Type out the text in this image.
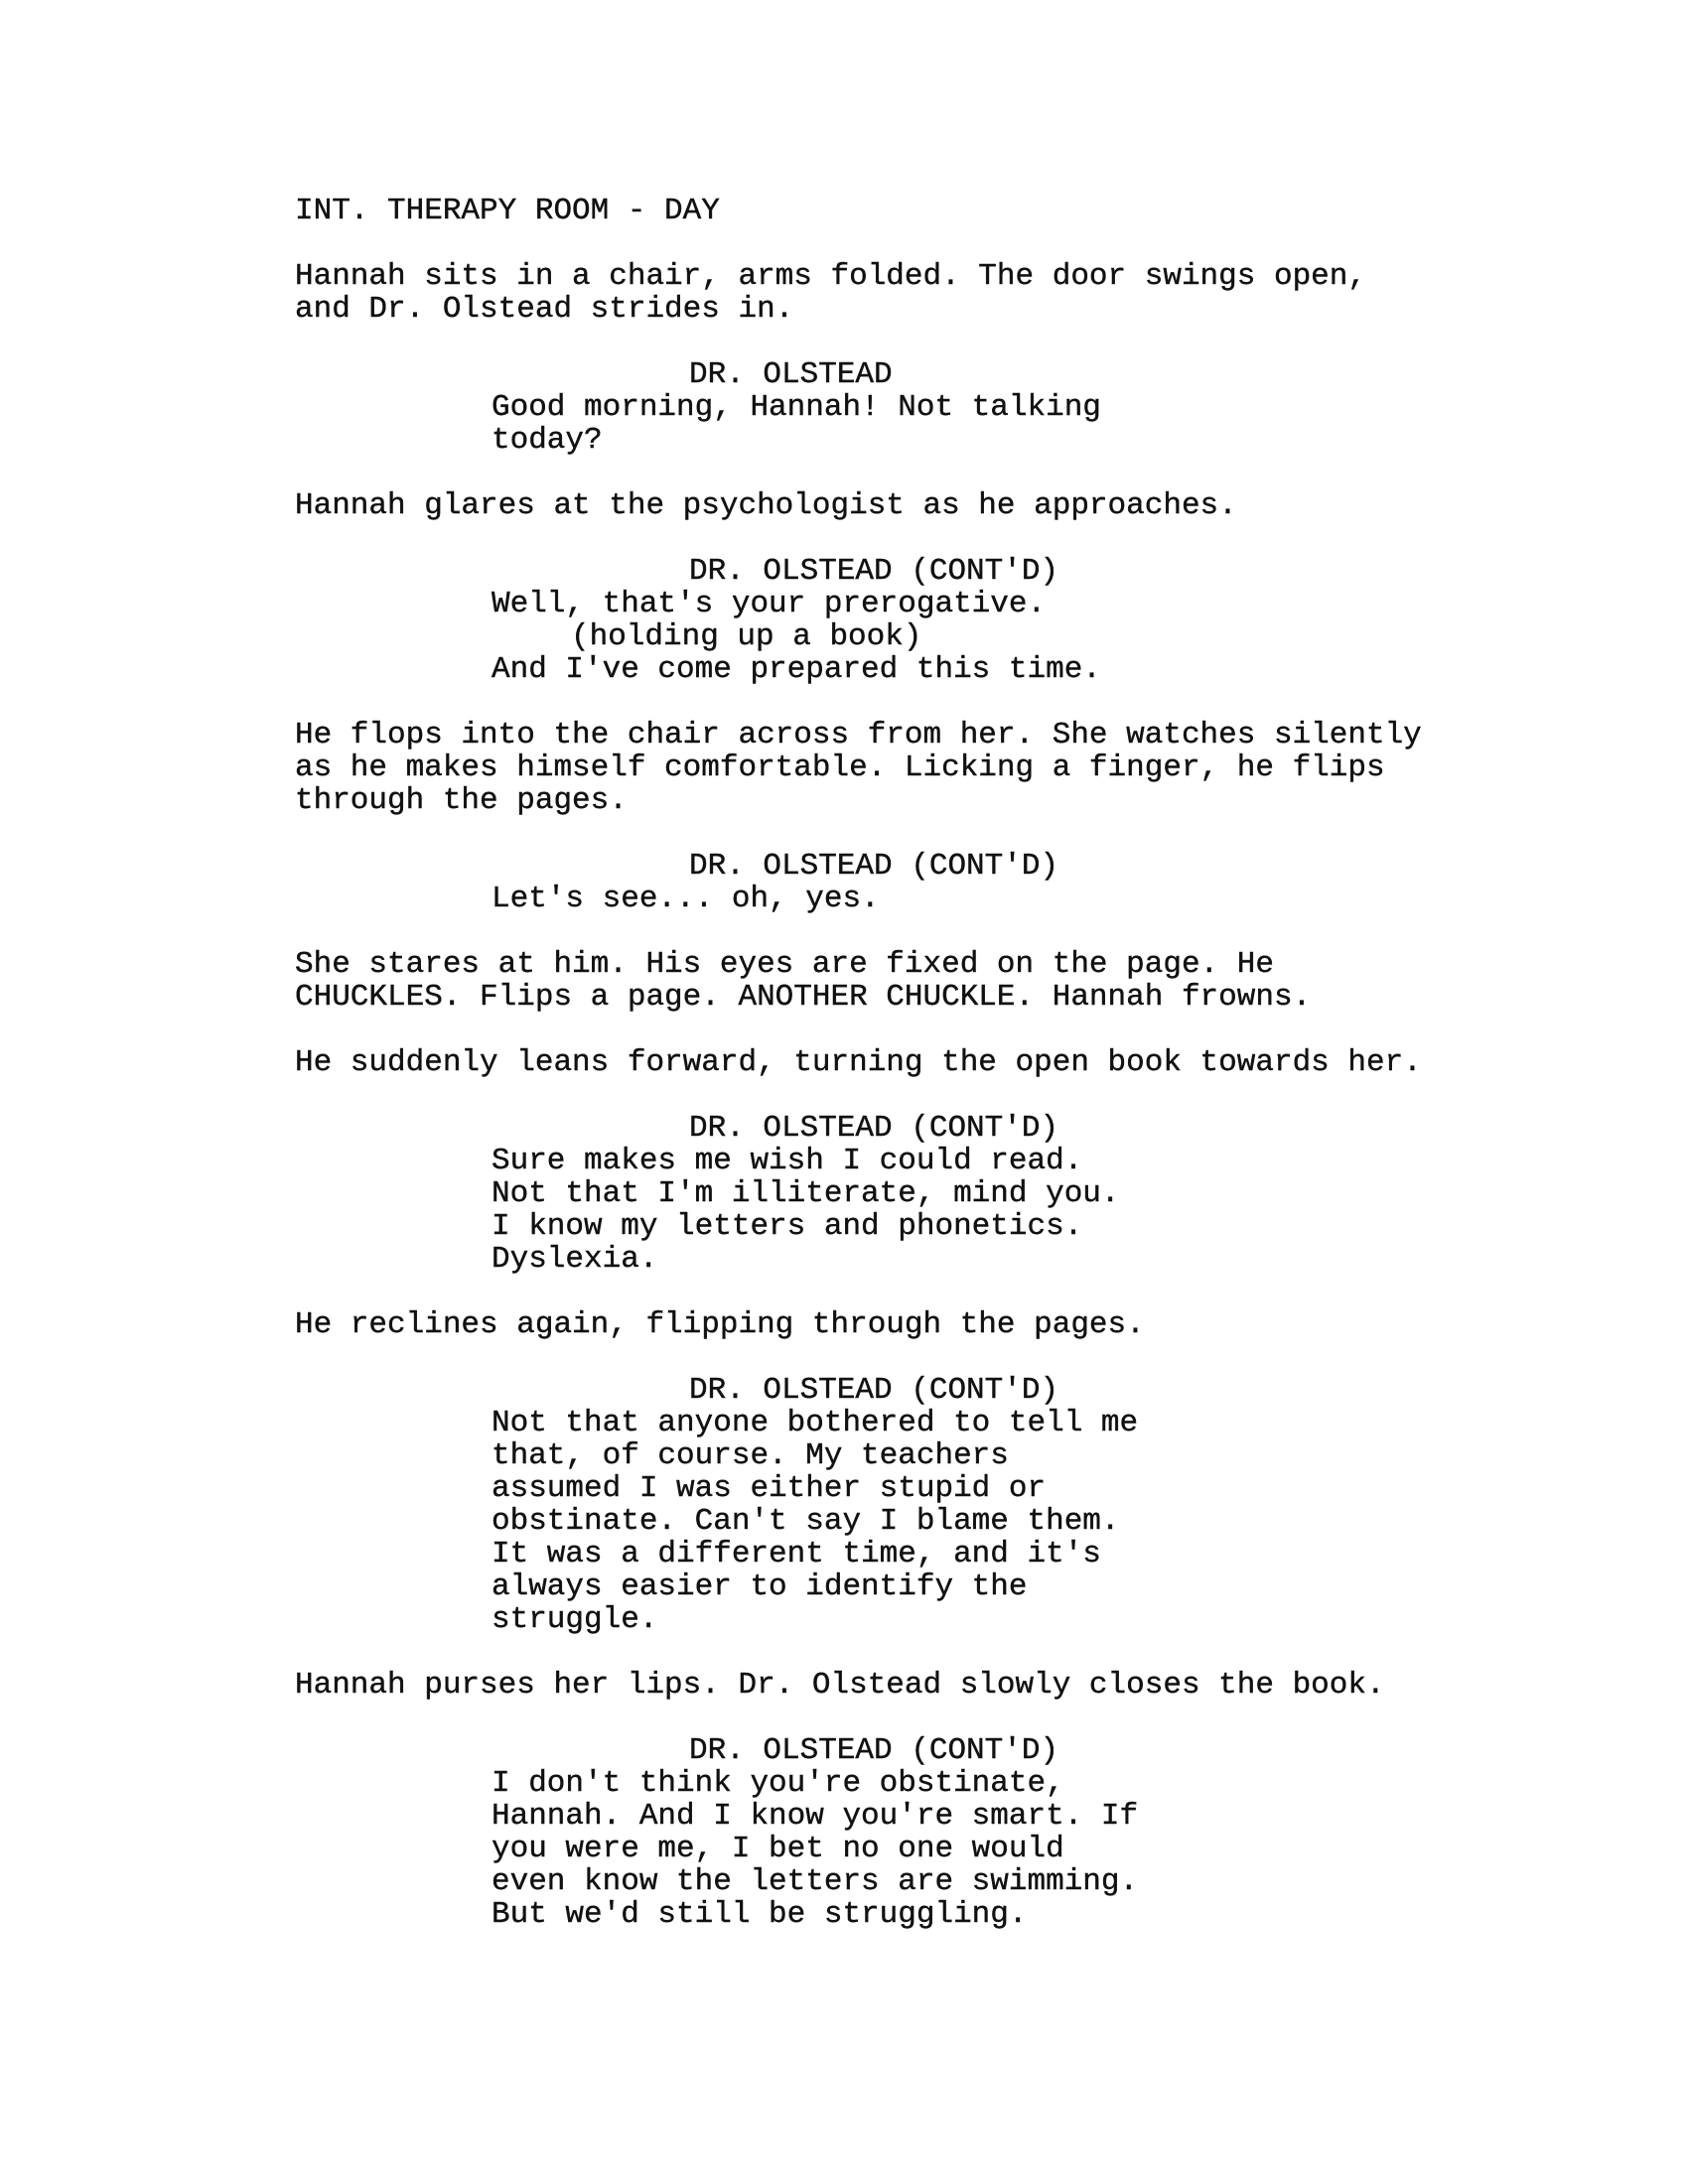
INT. THERAPY ROOM - DAY

Hannah sits in a chair, arms folded. The door swings open,

and Dr. Olstead strides in.

DR. OLSTEAD

Good morning, Hannah! Not talking

today?

Hannah glares at the psychologist as he approaches.

DR. OLSTEAD (CONT'D)

Well, that's your prerogative.

(holding up a book)

And I've come prepared this time.

He flops into the chair across from her. She watches silently

as he makes himself comfortable. Licking a finger, he flips

through the pages.

DR. OLSTEAD (CONT'D)

Let's see... oh, yes.

She stares at him. His eyes are fixed on the page. He

CHUCKLES. Flips a page. ANOTHER CHUCKLE. Hannah frowns.

He suddenly leans forward, turning the open book towards her.

DR. OLSTEAD (CONT'D)

Sure makes me wish I could read.

Not that I'm illiterate, mind you.

I know my letters and phonetics.

Dyslexia.

He reclines again, flipping through the pages.

DR. OLSTEAD (CONT'D)

Not that anyone bothered to tell me

that, of course. My teachers

assumed I was either stupid or

obstinate. Can't say I blame them.

It was a different time, and it's

always easier to identify the

struggle.

Hannah purses her lips. Dr. Olstead slowly closes the book.

DR. OLSTEAD (CONT'D)

I don't think you're obstinate,

Hannah. And I know you're smart. If

you were me, I bet no one would

even know the letters are swimming.

But we'd still be struggling.
